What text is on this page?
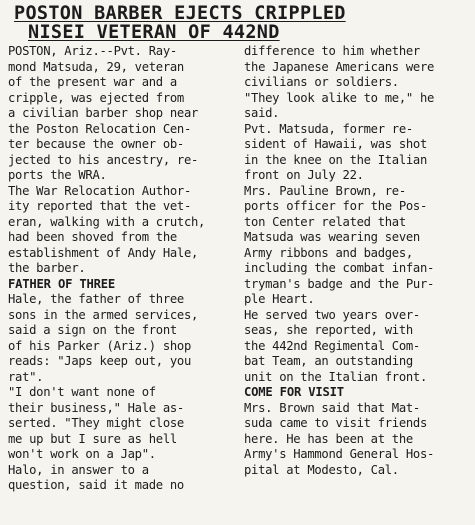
POSTON BARBER EJECTS CRIPPLED
NISEI VETERAN OF 442ND

POSTON, Ariz.--Pvt. Ray-
mond Matsuda, 29, veteran
of the present war and a
cripple, was ejected from
a civilian barber shop near
the Poston Relocation Cen-
ter because the owner ob-
jected to his ancestry, re-
ports the WRA.

The War Relocation Author-
ity reported that the vet-
eran, walking with a crutch,
had been shoved from the
establishment of Andy Hale,
the barber.

FATHER OF THREE

Hale, the father of three
sons in the armed services,
said a sign on the front
of his Parker (Ariz.) shop
reads: "Japs keep out, you
rat".

"I don't want none of
their business," Hale as-
serted. "They might close
me up but I sure as hell
won't work on a Jap".

Halo, in answer to a
question, said it made no

difference to him whether
the Japanese Americans were
civilians or soldiers.
"They look alike to me," he
said.

Pvt. Matsuda, former re-
sident of Hawaii, was shot
in the knee on the Italian
front on July 22.

Mrs. Pauline Brown, re-
ports officer for the Pos-
ton Center related that
Matsuda was wearing seven
Army ribbons and badges,
including the combat infan-
tryman's badge and the Pur-
ple Heart.

He served two years over-
seas, she reported, with
the 442nd Regimental Com-
bat Team, an outstanding
unit on the Italian front.

COME FOR VISIT

Mrs. Brown said that Mat-
suda came to visit friends
here. He has been at the
Army's Hammond General Hos-
pital at Modesto, Cal.
